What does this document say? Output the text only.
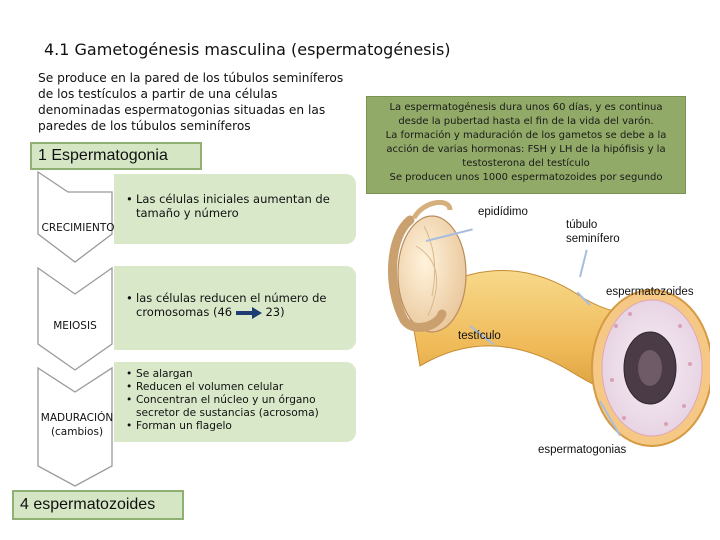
4.1 Gametogénesis masculina (espermatogénesis)
Se produce en la pared de los túbulos seminíferos de los testículos a partir de una células denominadas espermatogonias situadas en las paredes de los túbulos seminíferos
1 Espermatogonia
CRECIMIENTO
MEIOSIS
MADURACIÓN
(cambios)
• Las células iniciales aumentan de tamaño y número
• las células reducen el número de cromosomas (46	23)
• Se alargan
• Reducen el volumen celular
• Concentran el núcleo y un órgano secretor de sustancias (acrosoma)
• Forman un flagelo
4 espermatozoides
La espermatogénesis dura unos 60 días, y es continua desde la pubertad hasta el fin de la vida del varón.
La formación y maduración de los gametos se debe a la acción de varias hormonas: FSH y LH de la hipófisis y la testosterona del testículo
Se producen unos 1000 espermatozoides por segundo
epidídimo
túbulo seminífero
espermatozoides
testículo
espermatogonias
